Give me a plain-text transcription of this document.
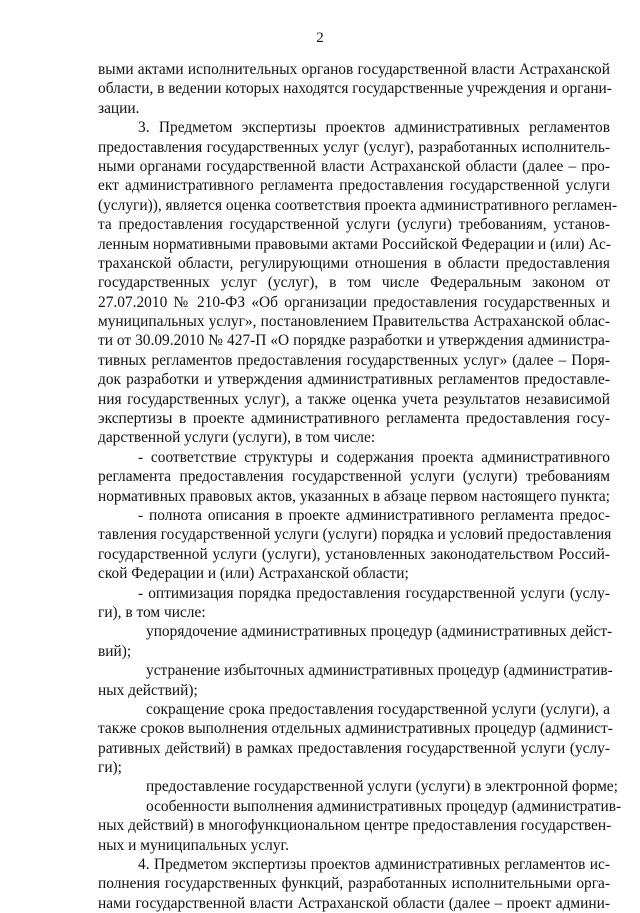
2
выми актами исполнительных органов государственной власти Астраханской
области, в ведении которых находятся государственные учреждения и органи-
зации.
3. Предметом экспертизы проектов административных регламентов
предоставления государственных услуг (услуг), разработанных исполнитель-
ными органами государственной власти Астраханской области (далее – про-
ект административного регламента предоставления государственной услуги
(услуги)), является оценка соответствия проекта административного регламен-
та предоставления государственной услуги (услуги) требованиям, установ-
ленным нормативными правовыми актами Российской Федерации и (или) Ас-
траханской области, регулирующими отношения в области предоставления
государственных услуг (услуг), в том числе Федеральным законом от
27.07.2010 № 210-ФЗ «Об организации предоставления государственных и
муниципальных услуг», постановлением Правительства Астраханской облас-
ти от 30.09.2010 № 427-П «О порядке разработки и утверждения администра-
тивных регламентов предоставления государственных услуг» (далее – Поря-
док разработки и утверждения административных регламентов предоставле-
ния государственных услуг), а также оценка учета результатов независимой
экспертизы в проекте административного регламента предоставления госу-
дарственной услуги (услуги), в том числе:
- соответствие структуры и содержания проекта административного
регламента предоставления государственной услуги (услуги) требованиям
нормативных правовых актов, указанных в абзаце первом настоящего пункта;
- полнота описания в проекте административного регламента предос-
тавления государственной услуги (услуги) порядка и условий предоставления
государственной услуги (услуги), установленных законодательством Россий-
ской Федерации и (или) Астраханской области;
- оптимизация порядка предоставления государственной услуги (услу-
ги), в том числе:
упорядочение административных процедур (административных дейст-
вий);
устранение избыточных административных процедур (административ-
ных действий);
сокращение срока предоставления государственной услуги (услуги), а
также сроков выполнения отдельных административных процедур (админист-
ративных действий) в рамках предоставления государственной услуги (услу-
ги);
предоставление государственной услуги (услуги) в электронной форме;
особенности выполнения административных процедур (административ-
ных действий) в многофункциональном центре предоставления государствен-
ных и муниципальных услуг.
4. Предметом экспертизы проектов административных регламентов ис-
полнения государственных функций, разработанных исполнительными орга-
нами государственной власти Астраханской области (далее – проект админи-
